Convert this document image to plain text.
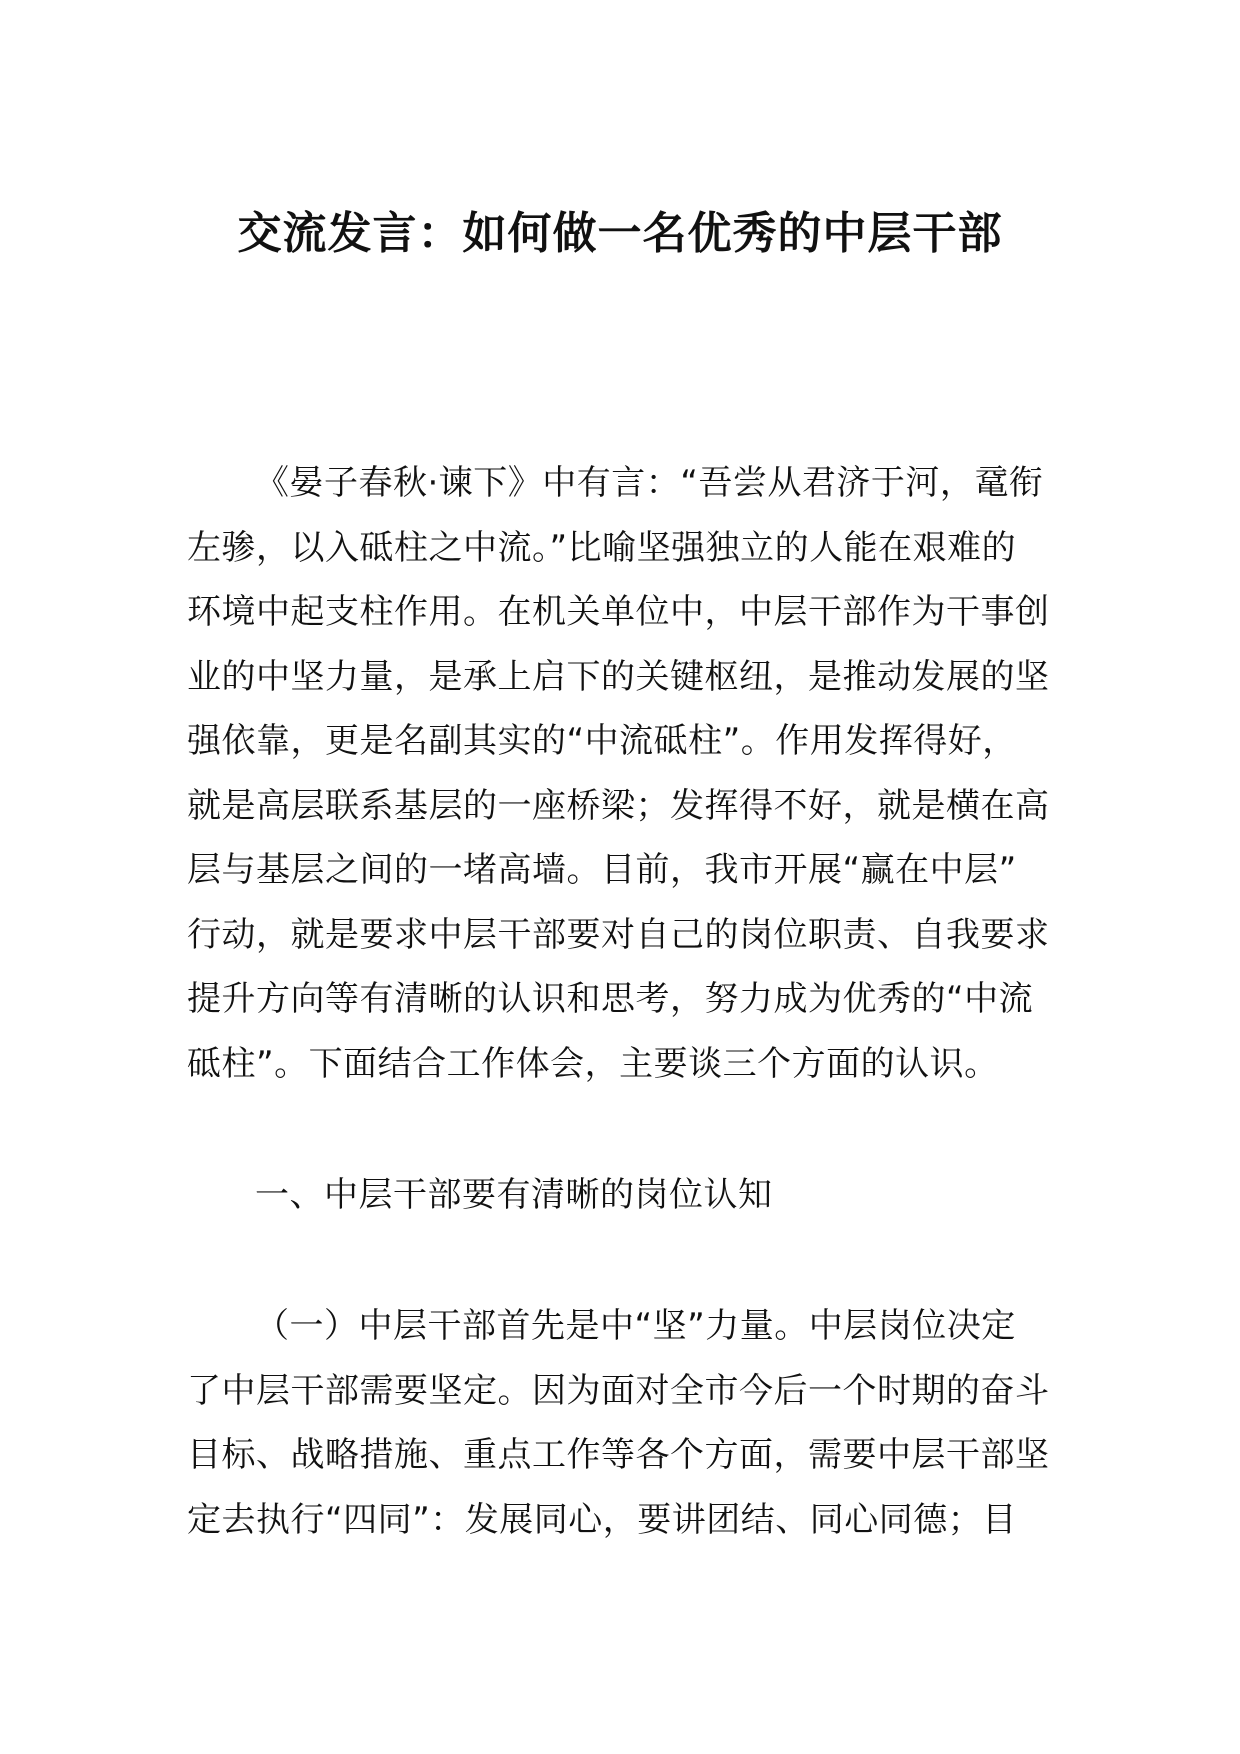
交流发言：如何做一名优秀的中层干部
《晏子春秋·谏下》中有言：“吾尝从君济于河，鼋衔
左骖，以入砥柱之中流。”比喻坚强独立的人能在艰难的
环境中起支柱作用。在机关单位中，中层干部作为干事创
业的中坚力量，是承上启下的关键枢纽，是推动发展的坚
强依靠，更是名副其实的“中流砥柱”。作用发挥得好，
就是高层联系基层的一座桥梁；发挥得不好，就是横在高
层与基层之间的一堵高墙。目前，我市开展“赢在中层”
行动，就是要求中层干部要对自己的岗位职责、自我要求
提升方向等有清晰的认识和思考，努力成为优秀的“中流
砥柱”。下面结合工作体会，主要谈三个方面的认识。
一、中层干部要有清晰的岗位认知
（一）中层干部首先是中“坚”力量。中层岗位决定
了中层干部需要坚定。因为面对全市今后一个时期的奋斗
目标、战略措施、重点工作等各个方面，需要中层干部坚
定去执行“四同”：发展同心，要讲团结、同心同德；目
